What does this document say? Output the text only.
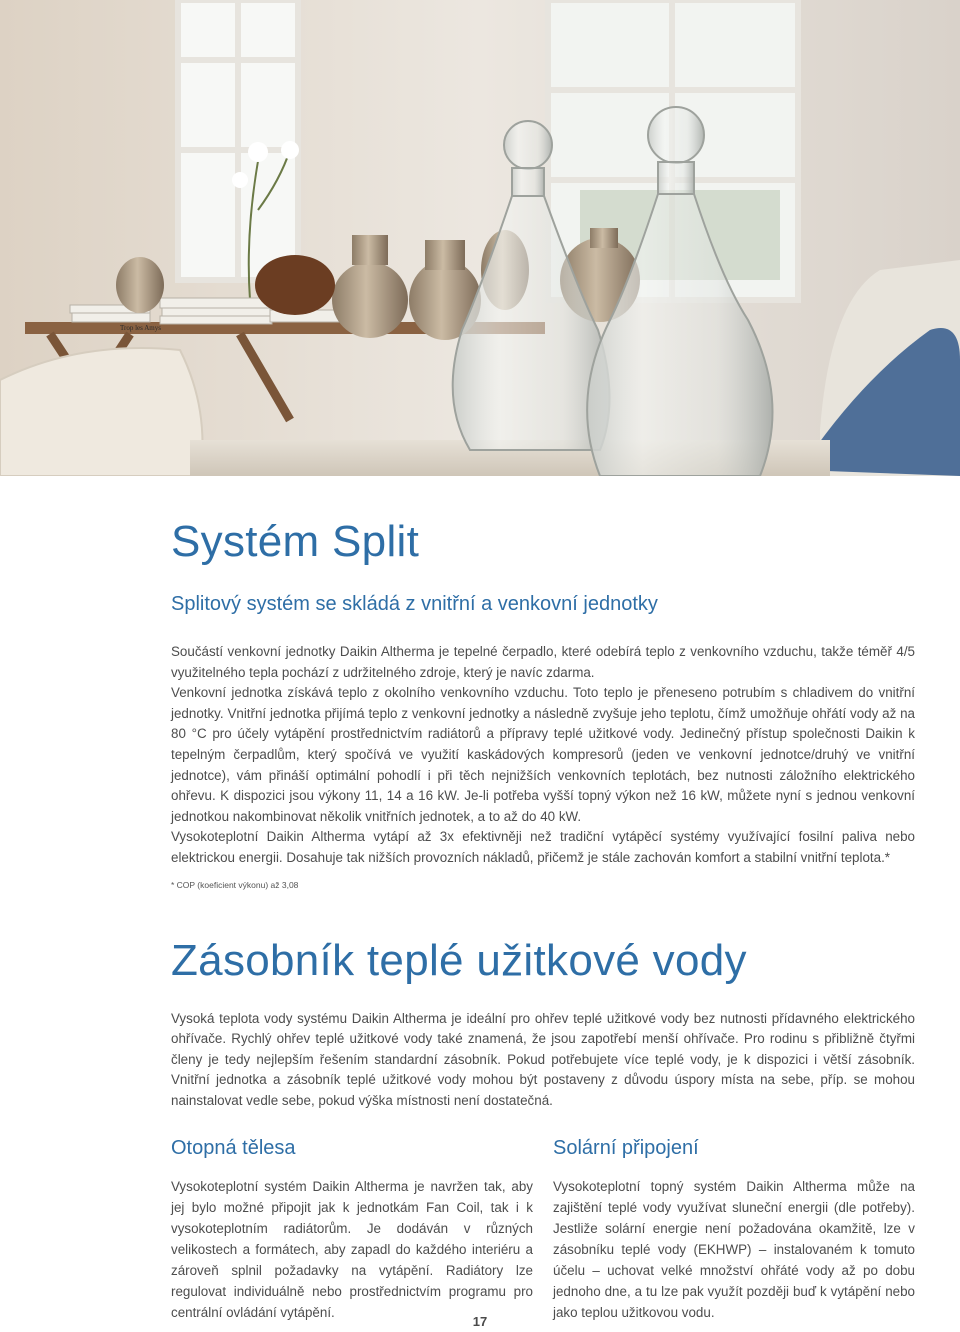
Trop les Amys
Systém Split
Splitový systém se skládá z vnitřní a venkovní jednotky

Součástí venkovní jednotky Daikin Altherma je tepelné čerpadlo, které odebírá teplo z venkovního vzduchu, takže téměř 4/5 využitelného tepla pochází z udržitelného zdroje, který je navíc zdarma.

Venkovní jednotka získává teplo z okolního venkovního vzduchu. Toto teplo je přeneseno potrubím s chladivem do vnitřní jednotky. Vnitřní jednotka přijímá teplo z venkovní jednotky a následně zvyšuje jeho teplotu, čímž umožňuje ohřátí vody až na 80 °C pro účely vytápění prostřednictvím radiátorů a přípravy teplé užitkové vody. Jedinečný přístup společnosti Daikin k tepelným čerpadlům, který spočívá ve využití kaskádových kompresorů (jeden ve venkovní jednotce/druhý ve vnitřní jednotce), vám přináší optimální pohodlí i při těch nejnižších venkovních teplotách, bez nutnosti záložního elektrického ohřevu. K dispozici jsou výkony 11, 14 a 16 kW. Je-li potřeba vyšší topný výkon než 16 kW, můžete nyní s jednou venkovní jednotkou nakombinovat několik vnitřních jednotek, a to až do 40 kW.

Vysokoteplotní Daikin Altherma vytápí až 3x efektivněji než tradiční vytápěcí systémy využívající fosilní paliva nebo elektrickou energii. Dosahuje tak nižších provozních nákladů, přičemž je stále zachován komfort a stabilní vnitřní teplota.*

* COP (koeficient výkonu) až 3,08

Zásobník teplé užitkové vody

Vysoká teplota vody systému Daikin Altherma je ideální pro ohřev teplé užitkové vody bez nutnosti přídavného elektrického ohřívače. Rychlý ohřev teplé užitkové vody také znamená, že jsou zapotřebí menší ohřívače. Pro rodinu s přibližně čtyřmi členy je tedy nejlepším řešením standardní zásobník. Pokud potřebujete více teplé vody, je k dispozici i větší zásobník. Vnitřní jednotka a zásobník teplé užitkové vody mohou být postaveny z důvodu úspory místa na sebe, příp. se mohou nainstalovat vedle sebe, pokud výška místnosti není dostatečná.

Otopná tělesa

Vysokoteplotní systém Daikin Altherma je navržen tak, aby jej bylo možné připojit jak k jednotkám Fan Coil, tak i k vysokoteplotním radiátorům. Je dodáván v různých velikostech a formátech, aby zapadl do každého interiéru a zároveň splnil požadavky na vytápění. Radiátory lze regulovat individuálně nebo prostřednictvím programu pro centrální ovládání vytápění.

Solární připojení

Vysokoteplotní topný systém Daikin Altherma může na zajištění teplé vody využívat sluneční energii (dle potřeby). Jestliže solární energie není požadována okamžitě, lze v zásobníku teplé vody (EKHWP) – instalovaném k tomuto účelu – uchovat velké množství ohřáté vody až po dobu jednoho dne, a tu lze pak využít později buď k vytápění nebo jako teplou užitkovou vodu.

17
